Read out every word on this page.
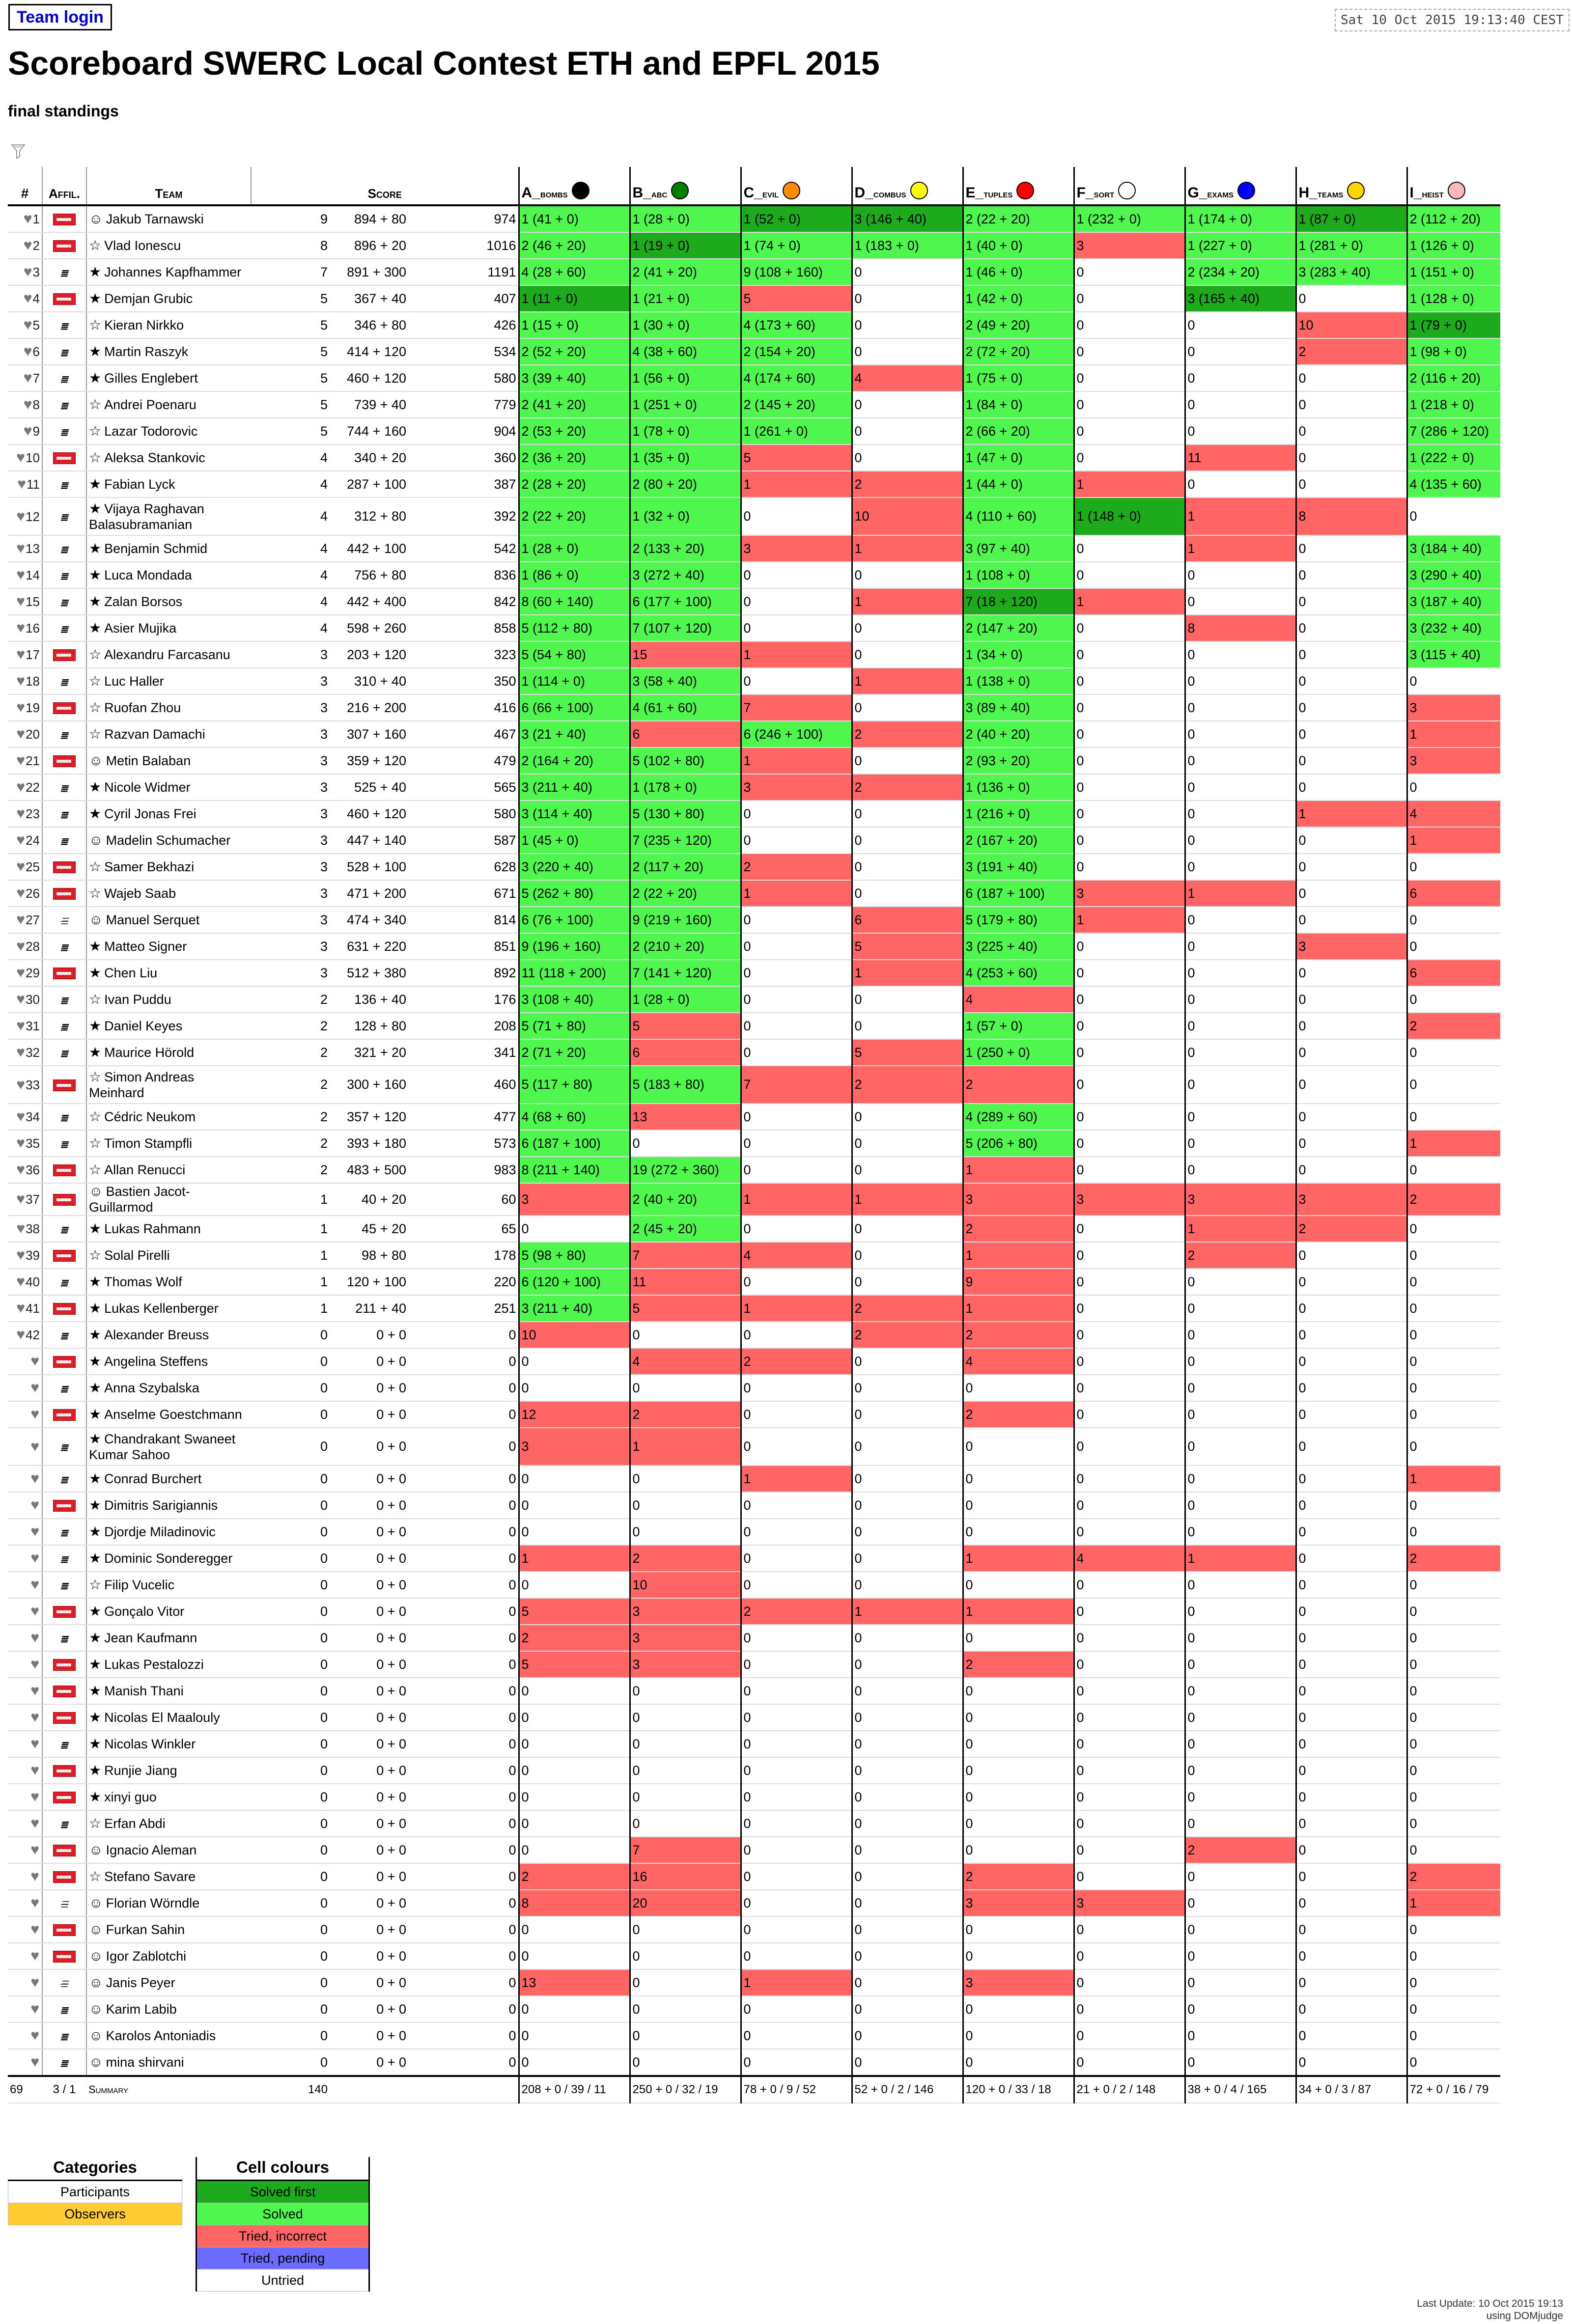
Team login	Sat 10 Oct 2015 19:13:40 CEST
Scoreboard SWERC Local Contest ETH and EPFL 2015
final standings
#	Affil.	Team	Score			A_bombs	B_abc	C_evil	D_combus	E_tuples	F_sort	G_exams	H_teams	I_heist
♥1		☺ Jakub Tarnawski	9	894 + 80	974	1 (41 + 0)	1 (28 + 0)	1 (52 + 0)	3 (146 + 40)	2 (22 + 20)	1 (232 + 0)	1 (174 + 0)	1 (87 + 0)	2 (112 + 20)
♥2		☆ Vlad Ionescu	8	896 + 20	1016	2 (46 + 20)	1 (19 + 0)	1 (74 + 0)	1 (183 + 0)	1 (40 + 0)	3	1 (227 + 0)	1 (281 + 0)	1 (126 + 0)
♥3	≣	★ Johannes Kapfhammer	7	891 + 300	1191	4 (28 + 60)	2 (41 + 20)	9 (108 + 160)	0	1 (46 + 0)	0	2 (234 + 20)	3 (283 + 40)	1 (151 + 0)
♥4		★ Demjan Grubic	5	367 + 40	407	1 (11 + 0)	1 (21 + 0)	5	0	1 (42 + 0)	0	3 (165 + 40)	0	1 (128 + 0)
♥5	≣	☆ Kieran Nirkko	5	346 + 80	426	1 (15 + 0)	1 (30 + 0)	4 (173 + 60)	0	2 (49 + 20)	0	0	10	1 (79 + 0)
♥6	≣	★ Martin Raszyk	5	414 + 120	534	2 (52 + 20)	4 (38 + 60)	2 (154 + 20)	0	2 (72 + 20)	0	0	2	1 (98 + 0)
♥7	≣	★ Gilles Englebert	5	460 + 120	580	3 (39 + 40)	1 (56 + 0)	4 (174 + 60)	4	1 (75 + 0)	0	0	0	2 (116 + 20)
♥8	≣	☆ Andrei Poenaru	5	739 + 40	779	2 (41 + 20)	1 (251 + 0)	2 (145 + 20)	0	1 (84 + 0)	0	0	0	1 (218 + 0)
♥9	≣	☆ Lazar Todorovic	5	744 + 160	904	2 (53 + 20)	1 (78 + 0)	1 (261 + 0)	0	2 (66 + 20)	0	0	0	7 (286 + 120)
♥10		☆ Aleksa Stankovic	4	340 + 20	360	2 (36 + 20)	1 (35 + 0)	5	0	1 (47 + 0)	0	11	0	1 (222 + 0)
♥11	≣	★ Fabian Lyck	4	287 + 100	387	2 (28 + 20)	2 (80 + 20)	1	2	1 (44 + 0)	1	0	0	4 (135 + 60)
♥12	≣	★ Vijaya Raghavan Balasubramanian	4	312 + 80	392	2 (22 + 20)	1 (32 + 0)	0	10	4 (110 + 60)	1 (148 + 0)	1	8	0
♥13	≣	★ Benjamin Schmid	4	442 + 100	542	1 (28 + 0)	2 (133 + 20)	3	1	3 (97 + 40)	0	1	0	3 (184 + 40)
♥14	≣	★ Luca Mondada	4	756 + 80	836	1 (86 + 0)	3 (272 + 40)	0	0	1 (108 + 0)	0	0	0	3 (290 + 40)
♥15	≣	★ Zalan Borsos	4	442 + 400	842	8 (60 + 140)	6 (177 + 100)	0	1	7 (18 + 120)	1	0	0	3 (187 + 40)
♥16	≣	★ Asier Mujika	4	598 + 260	858	5 (112 + 80)	7 (107 + 120)	0	0	2 (147 + 20)	0	8	0	3 (232 + 40)
♥17		☆ Alexandru Farcasanu	3	203 + 120	323	5 (54 + 80)	15	1	0	1 (34 + 0)	0	0	0	3 (115 + 40)
♥18	≣	☆ Luc Haller	3	310 + 40	350	1 (114 + 0)	3 (58 + 40)	0	1	1 (138 + 0)	0	0	0	0
♥19		☆ Ruofan Zhou	3	216 + 200	416	6 (66 + 100)	4 (61 + 60)	7	0	3 (89 + 40)	0	0	0	3
♥20	≣	☆ Razvan Damachi	3	307 + 160	467	3 (21 + 40)	6	6 (246 + 100)	2	2 (40 + 20)	0	0	0	1
♥21		☺ Metin Balaban	3	359 + 120	479	2 (164 + 20)	5 (102 + 80)	1	0	2 (93 + 20)	0	0	0	3
♥22	≣	★ Nicole Widmer	3	525 + 40	565	3 (211 + 40)	1 (178 + 0)	3	2	1 (136 + 0)	0	0	0	0
♥23	≣	★ Cyril Jonas Frei	3	460 + 120	580	3 (114 + 40)	5 (130 + 80)	0	0	1 (216 + 0)	0	0	1	4
♥24	≣	☺ Madelin Schumacher	3	447 + 140	587	1 (45 + 0)	7 (235 + 120)	0	0	2 (167 + 20)	0	0	0	1
♥25		☆ Samer Bekhazi	3	528 + 100	628	3 (220 + 40)	2 (117 + 20)	2	0	3 (191 + 40)	0	0	0	0
♥26		☆ Wajeb Saab	3	471 + 200	671	5 (262 + 80)	2 (22 + 20)	1	0	6 (187 + 100)	3	1	0	6
♥27	☰	☺ Manuel Serquet	3	474 + 340	814	6 (76 + 100)	9 (219 + 160)	0	6	5 (179 + 80)	1	0	0	0
♥28	≣	★ Matteo Signer	3	631 + 220	851	9 (196 + 160)	2 (210 + 20)	0	5	3 (225 + 40)	0	0	3	0
♥29		★ Chen Liu	3	512 + 380	892	11 (118 + 200)	7 (141 + 120)	0	1	4 (253 + 60)	0	0	0	6
♥30	≣	☆ Ivan Puddu	2	136 + 40	176	3 (108 + 40)	1 (28 + 0)	0	0	4	0	0	0	0
♥31	≣	★ Daniel Keyes	2	128 + 80	208	5 (71 + 80)	5	0	0	1 (57 + 0)	0	0	0	2
♥32	≣	★ Maurice Hörold	2	321 + 20	341	2 (71 + 20)	6	0	5	1 (250 + 0)	0	0	0	0
♥33		☆ Simon Andreas Meinhard	2	300 + 160	460	5 (117 + 80)	5 (183 + 80)	7	2	2	0	0	0	0
♥34	≣	☆ Cédric Neukom	2	357 + 120	477	4 (68 + 60)	13	0	0	4 (289 + 60)	0	0	0	0
♥35	≣	☆ Timon Stampfli	2	393 + 180	573	6 (187 + 100)	0	0	0	5 (206 + 80)	0	0	0	1
♥36		☆ Allan Renucci	2	483 + 500	983	8 (211 + 140)	19 (272 + 360)	0	0	1	0	0	0	0
♥37		☺ Bastien Jacot-Guillarmod	1	40 + 20	60	3	2 (40 + 20)	1	1	3	3	3	3	2
♥38	≣	★ Lukas Rahmann	1	45 + 20	65	0	2 (45 + 20)	0	0	2	0	1	2	0
♥39		☆ Solal Pirelli	1	98 + 80	178	5 (98 + 80)	7	4	0	1	0	2	0	0
♥40	≣	★ Thomas Wolf	1	120 + 100	220	6 (120 + 100)	11	0	0	9	0	0	0	0
♥41		★ Lukas Kellenberger	1	211 + 40	251	3 (211 + 40)	5	1	2	1	0	0	0	0
♥42	≣	★ Alexander Breuss	0	0 + 0	0	10	0	0	2	2	0	0	0	0
♥		★ Angelina Steffens	0	0 + 0	0	0	4	2	0	4	0	0	0	0
♥	≣	★ Anna Szybalska	0	0 + 0	0	0	0	0	0	0	0	0	0	0
♥		★ Anselme Goestchmann	0	0 + 0	0	12	2	0	0	2	0	0	0	0
♥	≣	★ Chandrakant Swaneet Kumar Sahoo	0	0 + 0	0	3	1	0	0	0	0	0	0	0
♥	≣	★ Conrad Burchert	0	0 + 0	0	0	0	1	0	0	0	0	0	1
♥		★ Dimitris Sarigiannis	0	0 + 0	0	0	0	0	0	0	0	0	0	0
♥	≣	★ Djordje Miladinovic	0	0 + 0	0	0	0	0	0	0	0	0	0	0
♥	≣	★ Dominic Sonderegger	0	0 + 0	0	1	2	0	0	1	4	1	0	2
♥	≣	☆ Filip Vucelic	0	0 + 0	0	0	10	0	0	0	0	0	0	0
♥		★ Gonçalo Vitor	0	0 + 0	0	5	3	2	1	1	0	0	0	0
♥	≣	★ Jean Kaufmann	0	0 + 0	0	2	3	0	0	0	0	0	0	0
♥		★ Lukas Pestalozzi	0	0 + 0	0	5	3	0	0	2	0	0	0	0
♥		★ Manish Thani	0	0 + 0	0	0	0	0	0	0	0	0	0	0
♥		★ Nicolas El Maalouly	0	0 + 0	0	0	0	0	0	0	0	0	0	0
♥	≣	★ Nicolas Winkler	0	0 + 0	0	0	0	0	0	0	0	0	0	0
♥		★ Runjie Jiang	0	0 + 0	0	0	0	0	0	0	0	0	0	0
♥		★ xinyi guo	0	0 + 0	0	0	0	0	0	0	0	0	0	0
♥	≣	☆ Erfan Abdi	0	0 + 0	0	0	0	0	0	0	0	0	0	0
♥		☺ Ignacio Aleman	0	0 + 0	0	0	7	0	0	0	0	2	0	0
♥		☆ Stefano Savare	0	0 + 0	0	2	16	0	0	2	0	0	0	2
♥	☰	☺ Florian Wörndle	0	0 + 0	0	8	20	0	0	3	3	0	0	1
♥		☺ Furkan Sahin	0	0 + 0	0	0	0	0	0	0	0	0	0	0
♥		☺ Igor Zablotchi	0	0 + 0	0	0	0	0	0	0	0	0	0	0
♥	☰	☺ Janis Peyer	0	0 + 0	0	13	0	1	0	3	0	0	0	0
♥	≣	☺ Karim Labib	0	0 + 0	0	0	0	0	0	0	0	0	0	0
♥	≣	☺ Karolos Antoniadis	0	0 + 0	0	0	0	0	0	0	0	0	0	0
♥	≣	☺ mina shirvani	0	0 + 0	0	0	0	0	0	0	0	0	0	0
69	3 / 1	Summary	140			208 + 0 / 39 / 11	250 + 0 / 32 / 19	78 + 0 / 9 / 52	52 + 0 / 2 / 146	120 + 0 / 33 / 18	21 + 0 / 2 / 148	38 + 0 / 4 / 165	34 + 0 / 3 / 87	72 + 0 / 16 / 79
Categories
Participants
Observers
Cell colours
Solved first
Solved
Tried, incorrect
Tried, pending
Untried
Last Update: 10 Oct 2015 19:13
using DOMjudge
